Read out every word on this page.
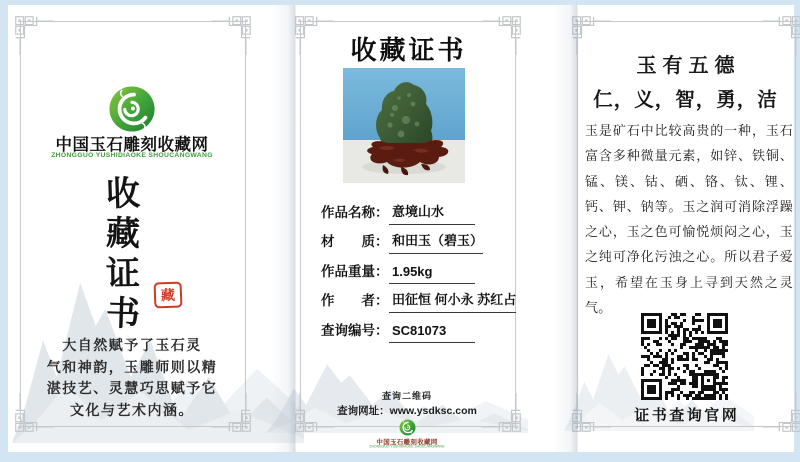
中国玉石雕刻收藏网
ZHONGGUO YUSHIDIAOKE SHOUCANGWANG
收
藏
证
书
藏
大自然赋予了玉石灵
气和神韵，玉雕师则以精
湛技艺、灵慧巧思赋予它
文化与艺术内涵。
收藏证书
作品名称： 意境山水
材　　质： 和田玉（碧玉）
作品重量： 1.95kg
作　　者： 田征恒 何小永 苏红占
查询编号： SC81073
查询二维码
查询网址：www.ysdksc.com
中国玉石雕刻收藏网
ZHONGGUO YUSHIDIAOKE SHOUCANGWANG
玉有五德
仁，义，智，勇，洁
玉是矿石中比较高贵的一种，玉石富含多种微量元素，如锌、铁铜、锰、镁、钴、硒、铬、钛、锂、钙、钾、钠等。玉之润可消除浮躁之心，玉之色可愉悦烦闷之心，玉之纯可净化污浊之心。所以君子爱玉，希望在玉身上寻到天然之灵气。
证书查询官网
